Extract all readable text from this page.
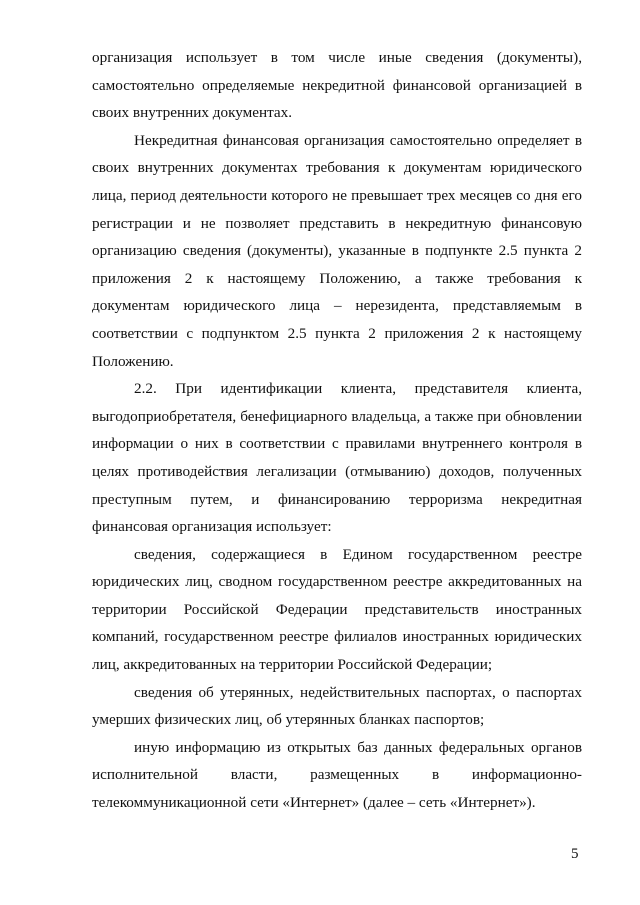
организация использует в том числе иные сведения (документы), самостоятельно определяемые некредитной финансовой организацией в своих внутренних документах.

Некредитная финансовая организация самостоятельно определяет в своих внутренних документах требования к документам юридического лица, период деятельности которого не превышает трех месяцев со дня его регистрации и не позволяет представить в некредитную финансовую организацию сведения (документы), указанные в подпункте 2.5 пункта 2 приложения 2 к настоящему Положению, а также требования к документам юридического лица – нерезидента, представляемым в соответствии с подпунктом 2.5 пункта 2 приложения 2 к настоящему Положению.

2.2. При идентификации клиента, представителя клиента, выгодоприобретателя, бенефициарного владельца, а также при обновлении информации о них в соответствии с правилами внутреннего контроля в целях противодействия легализации (отмыванию) доходов, полученных преступным путем, и финансированию терроризма некредитная финансовая организация использует:

сведения, содержащиеся в Едином государственном реестре юридических лиц, сводном государственном реестре аккредитованных на территории Российской Федерации представительств иностранных компаний, государственном реестре филиалов иностранных юридических лиц, аккредитованных на территории Российской Федерации;

сведения об утерянных, недействительных паспортах, о паспортах умерших физических лиц, об утерянных бланках паспортов;

иную информацию из открытых баз данных федеральных органов исполнительной власти, размещенных в информационно-телекоммуникационной сети «Интернет» (далее – сеть «Интернет»).

5
